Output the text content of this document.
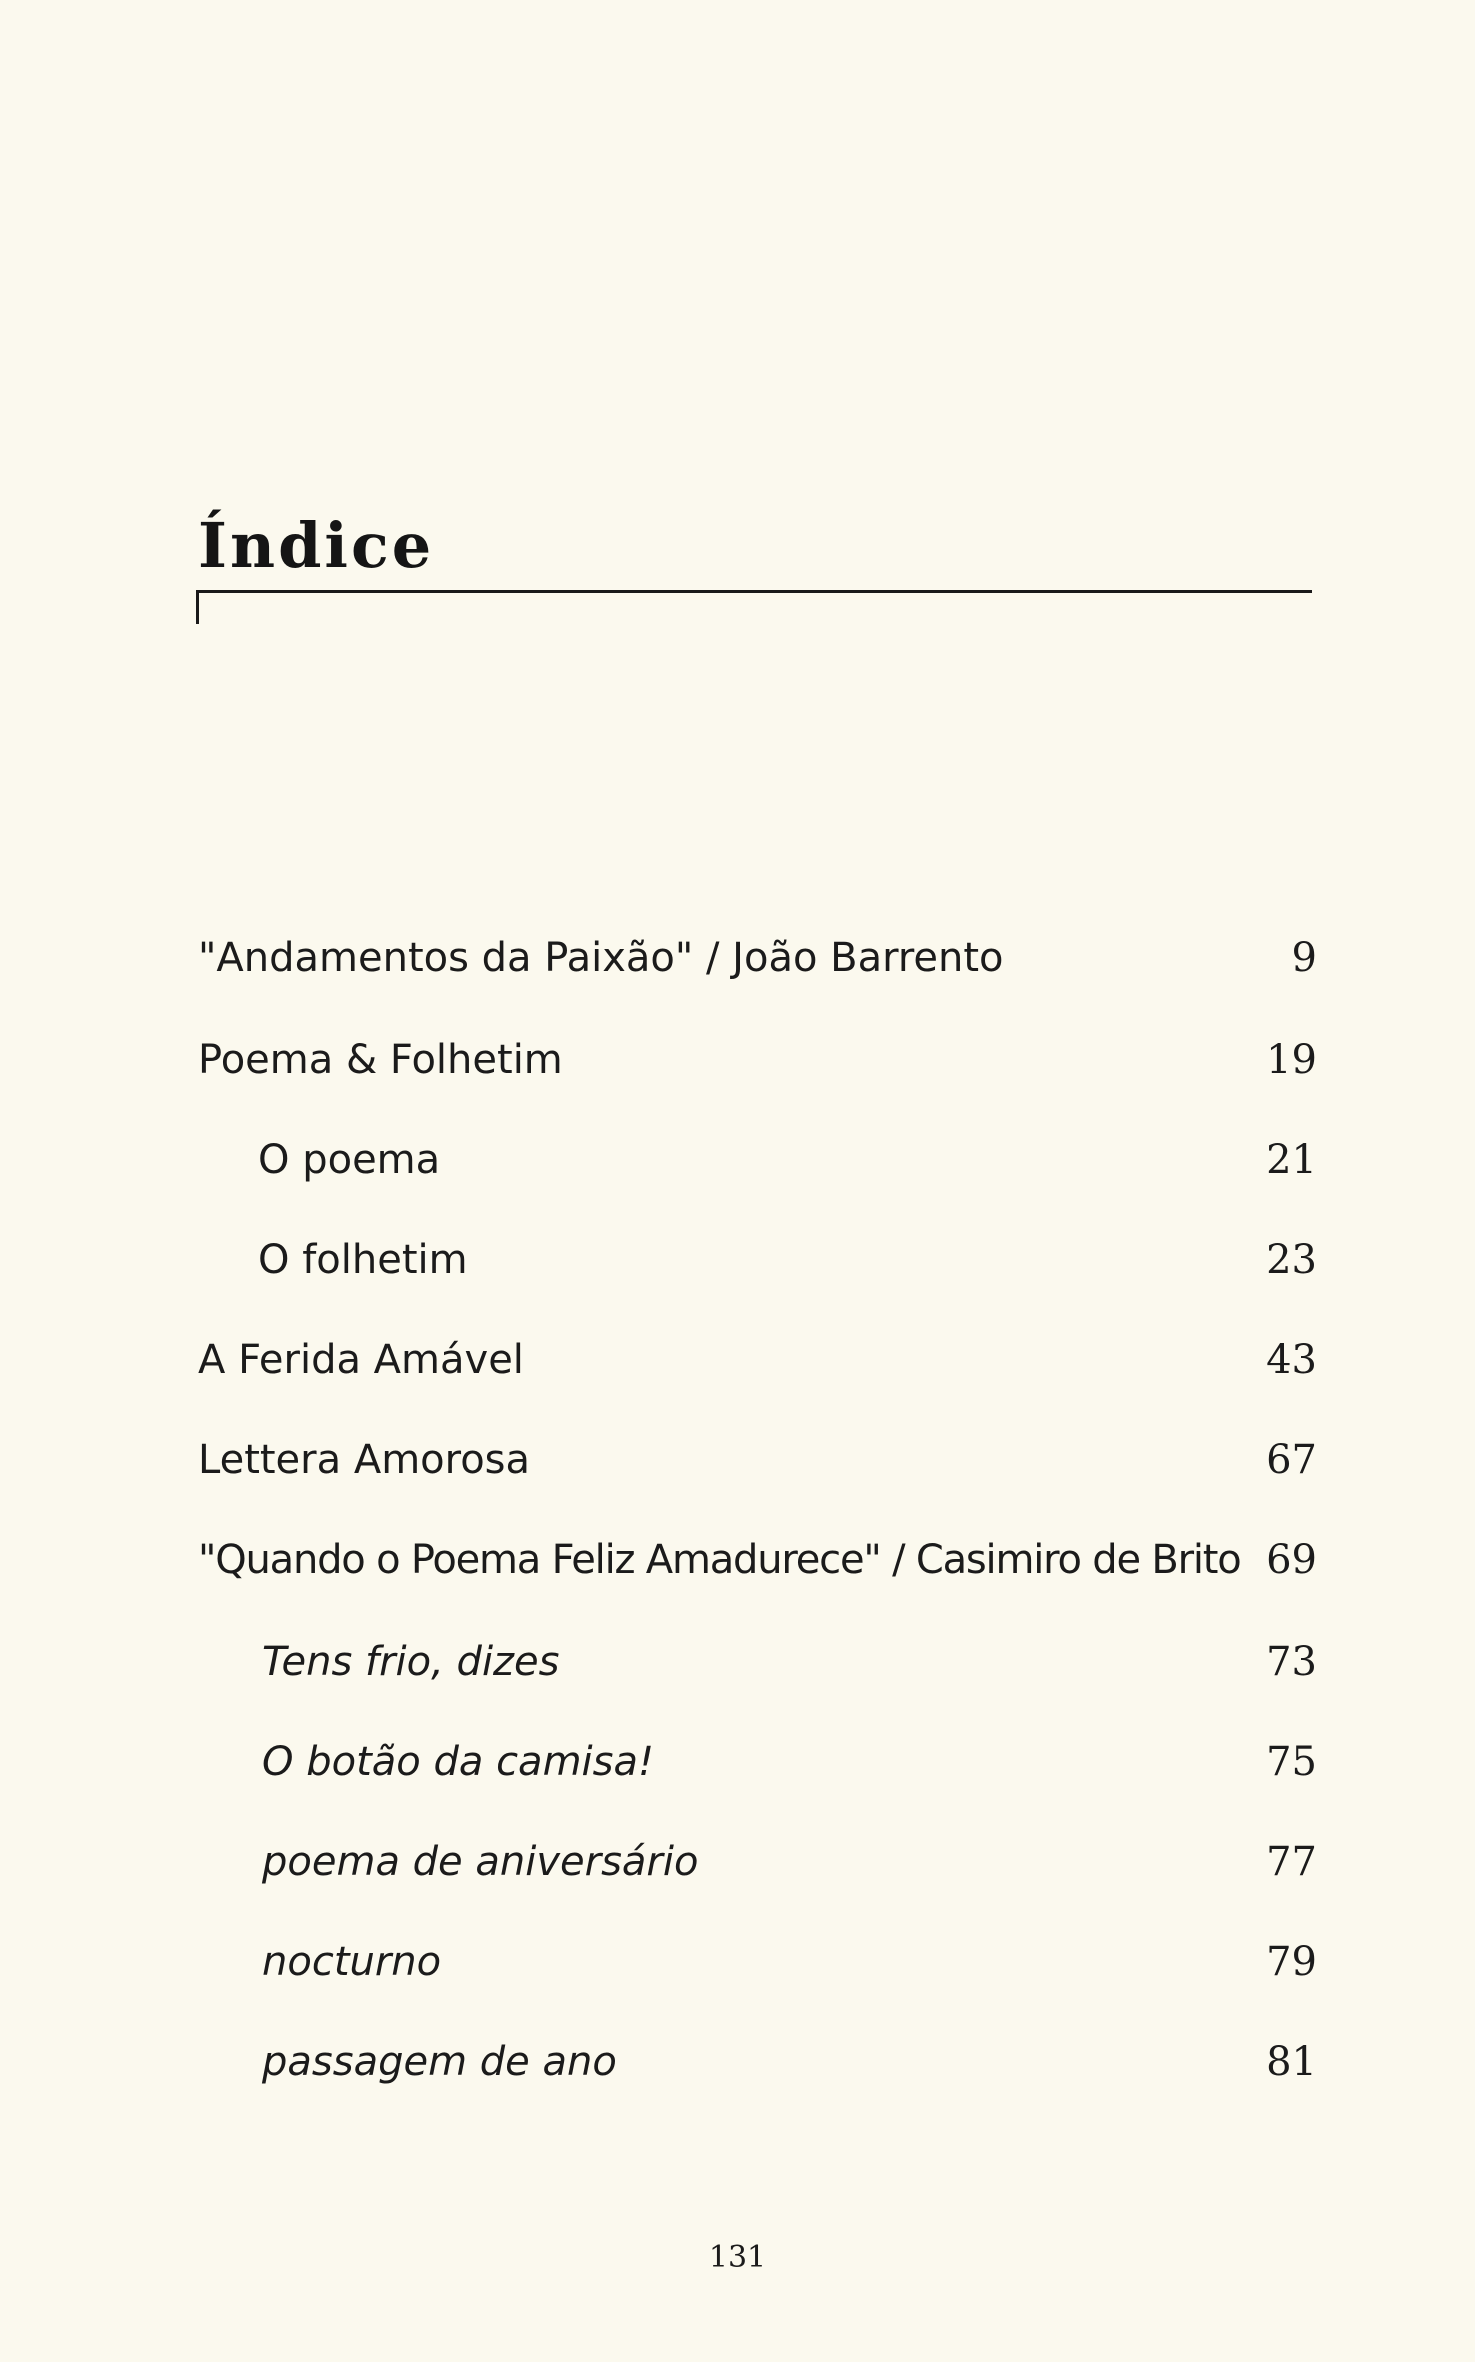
Índice
"Andamentos da Paixão" / João Barrento	9
Poema & Folhetim	19
O poema	21
O folhetim	23
A Ferida Amável	43
Lettera Amorosa	67
"Quando o Poema Feliz Amadurece" / Casimiro de Brito 69
Tens frio, dizes	73
O botão da camisa!	75
poema de aniversário	77
nocturno	79
passagem de ano	81
131
